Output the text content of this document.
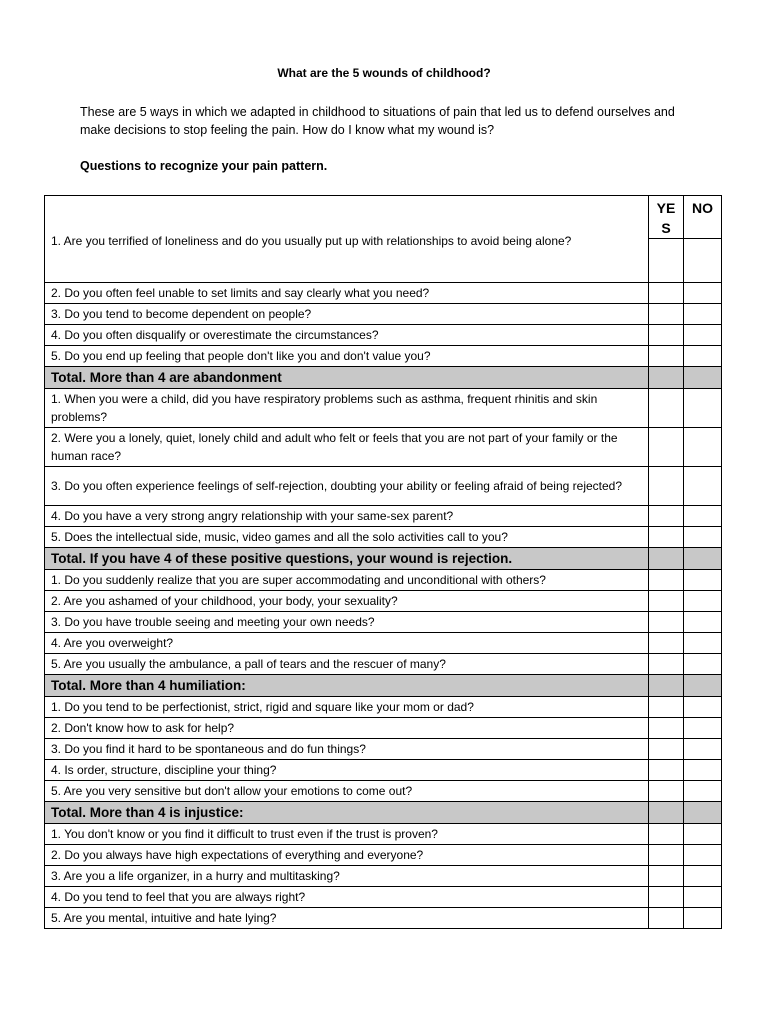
What are the 5 wounds of childhood?
These are 5 ways in which we adapted in childhood to situations of pain that led us to defend ourselves and make decisions to stop feeling the pain. How do I know what my wound is?
Questions to recognize your pain pattern.
1. Are you terrified of loneliness and do you usually put up with relationships to avoid being alone?	YES	NO

2. Do you often feel unable to set limits and say clearly what you need?		
3. Do you tend to become dependent on people?		
4. Do you often disqualify or overestimate the circumstances?		
5. Do you end up feeling that people don't like you and don't value you?		
Total. More than 4 are abandonment		
1. When you were a child, did you have respiratory problems such as asthma, frequent rhinitis and skin problems?		
2. Were you a lonely, quiet, lonely child and adult who felt or feels that you are not part of your family or the human race?		
3. Do you often experience feelings of self-rejection, doubting your ability or feeling afraid of being rejected?		
4. Do you have a very strong angry relationship with your same-sex parent?		
5. Does the intellectual side, music, video games and all the solo activities call to you?		
Total. If you have 4 of these positive questions, your wound is rejection.		
1. Do you suddenly realize that you are super accommodating and unconditional with others?		
2. Are you ashamed of your childhood, your body, your sexuality?		
3. Do you have trouble seeing and meeting your own needs?		
4. Are you overweight?		
5. Are you usually the ambulance, a pall of tears and the rescuer of many?		
Total. More than 4 humiliation:		
1. Do you tend to be perfectionist, strict, rigid and square like your mom or dad?		
2. Don't know how to ask for help?		
3. Do you find it hard to be spontaneous and do fun things?		
4. Is order, structure, discipline your thing?		
5. Are you very sensitive but don't allow your emotions to come out?		
Total. More than 4 is injustice:		
1. You don't know or you find it difficult to trust even if the trust is proven?		
2. Do you always have high expectations of everything and everyone?		
3. Are you a life organizer, in a hurry and multitasking?		
4. Do you tend to feel that you are always right?		
5. Are you mental, intuitive and hate lying?		
